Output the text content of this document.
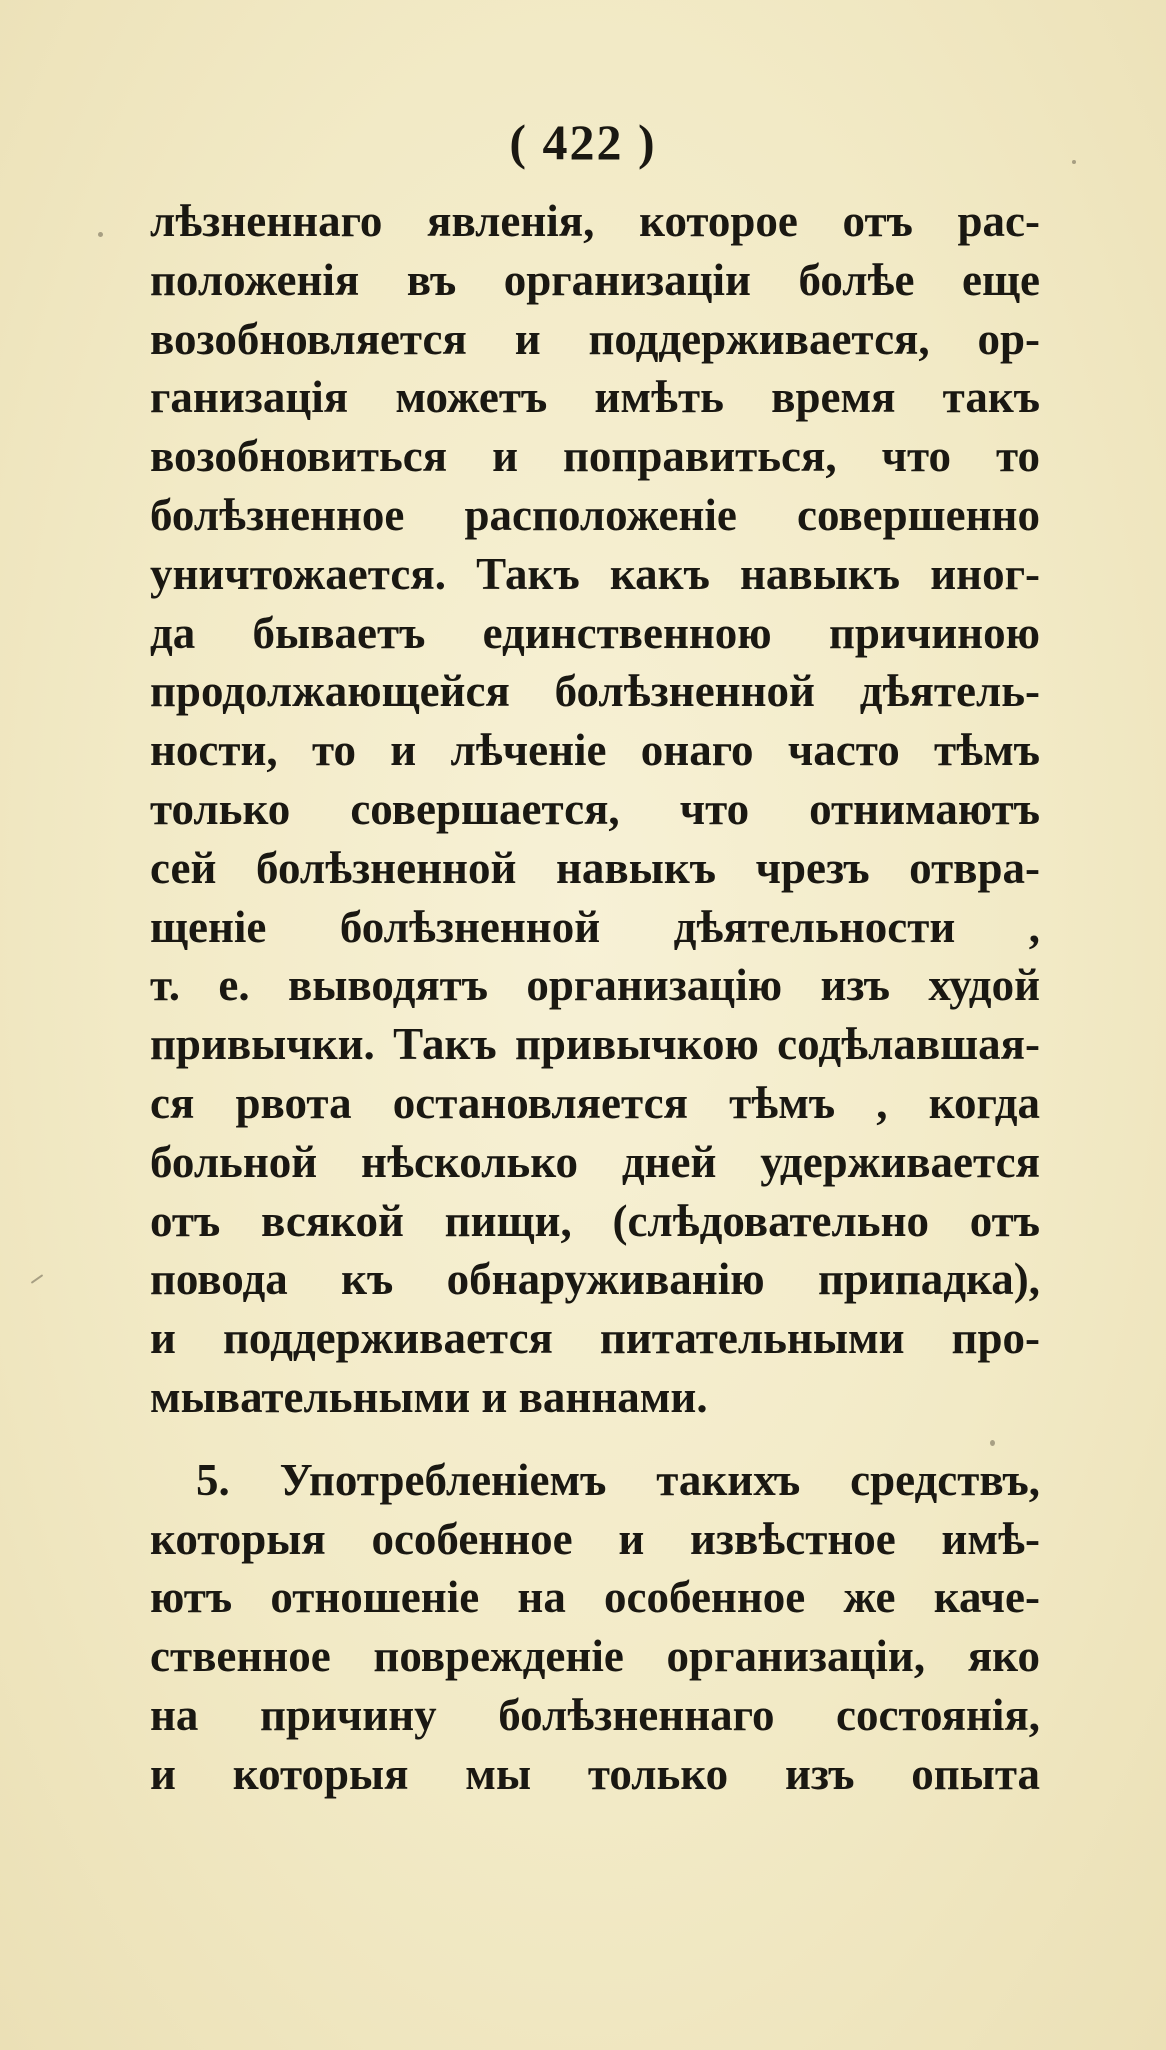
( 422 )
лѣзненнаго явленія, которое отъ рас-
положенія въ организаціи болѣе еще
возобновляется и поддерживается, ор-
ганизація можетъ имѣть время такъ
возобновиться и поправиться, что то
болѣзненное расположеніе совершенно
уничтожается. Такъ какъ навыкъ иног-
да бываетъ единственною причиною
продолжающейся болѣзненной дѣятель-
ности, то и лѣченіе онаго часто тѣмъ
только совершается, что отнимаютъ
сей болѣзненной навыкъ чрезъ отвра-
щеніе болѣзненной дѣятельности ,
т. е. выводятъ организацію изъ худой
привычки. Такъ привычкою содѣлавшая-
ся рвота остановляется тѣмъ , когда
больной нѣсколько дней удерживается
отъ всякой пищи, (слѣдовательно отъ
повода къ обнаруживанію припадка),
и поддерживается питательными про-
мывательными и ваннами.
5. Употребленіемъ такихъ средствъ,
которыя особенное и извѣстное имѣ-
ютъ отношеніе на особенное же каче-
ственное поврежденіе организаціи, яко
на причину болѣзненнаго состоянія,
и которыя мы только изъ опыта
